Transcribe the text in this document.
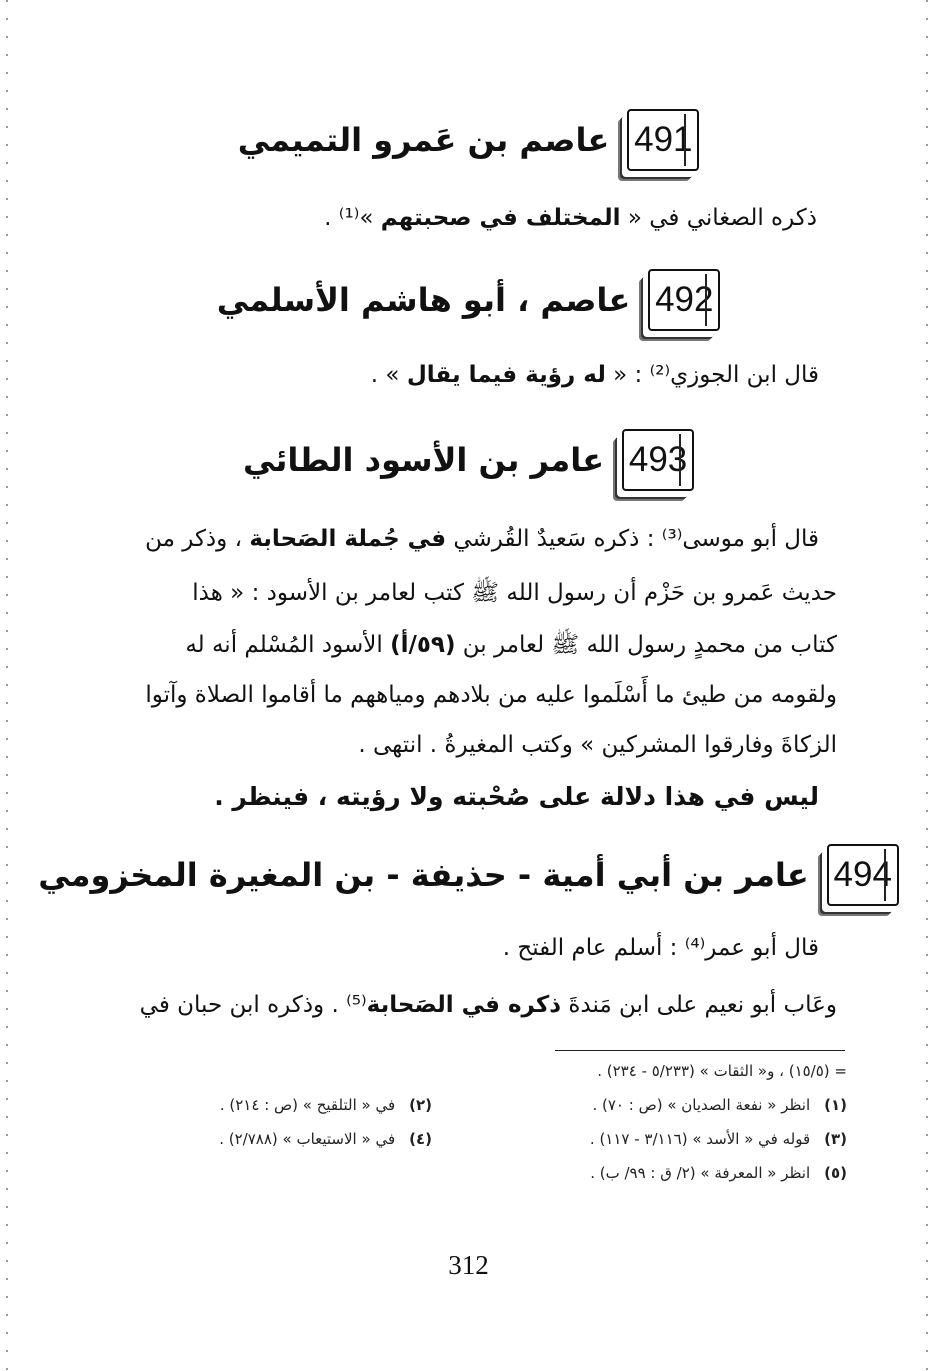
491
عاصم بن عَمرو التميمي
ذكره الصغاني في « المختلف في صحبتهم »⁽¹⁾ .
492
عاصم ، أبو هاشم الأسلمي
قال ابن الجوزي⁽²⁾ : « له رؤية فيما يقال » .
493
عامر بن الأسود الطائي
قال أبو موسى⁽³⁾ : ذكره سَعيدٌ القُرشي في جُملة الصَحابة ، وذكر من
حديث عَمرو بن حَزْم أن رسول الله ﷺ كتب لعامر بن الأسود : « هذا
كتاب من محمدٍ رسول الله ﷺ لعامر بن (٥٩/أ) الأسود المُسْلم أنه له
ولقومه من طيئ ما أَسْلَموا عليه من بلادهم ومياههم ما أقاموا الصلاة وآتوا
الزكاةَ وفارقوا المشركين » وكتب المغيرةُ . انتهى .
ليس في هذا دلالة على صُحْبته ولا رؤيته ، فينظر .
494
عامر بن أبي أمية - حذيفة - بن المغيرة المخزومي
قال أبو عمر⁽⁴⁾ : أسلم عام الفتح .
وعَاب أبو نعيم على ابن مَندةَ ذكره في الصَحابة⁽⁵⁾ . وذكره ابن حبان في
= (١٥/٥) ، و« الثقات » (٥/٢٣٣ - ٢٣٤) .
(١)انظر « نفعة الصديان » (ص : ٧٠) .
(٢)في « التلقيح » (ص : ٢١٤) .
(٣)قوله في « الأسد » (٣/١١٦ - ١١٧) .
(٤)في « الاستيعاب » (٢/٧٨٨) .
(٥)انظر « المعرفة » (٢/ ق : ٩٩/ ب) .
312
